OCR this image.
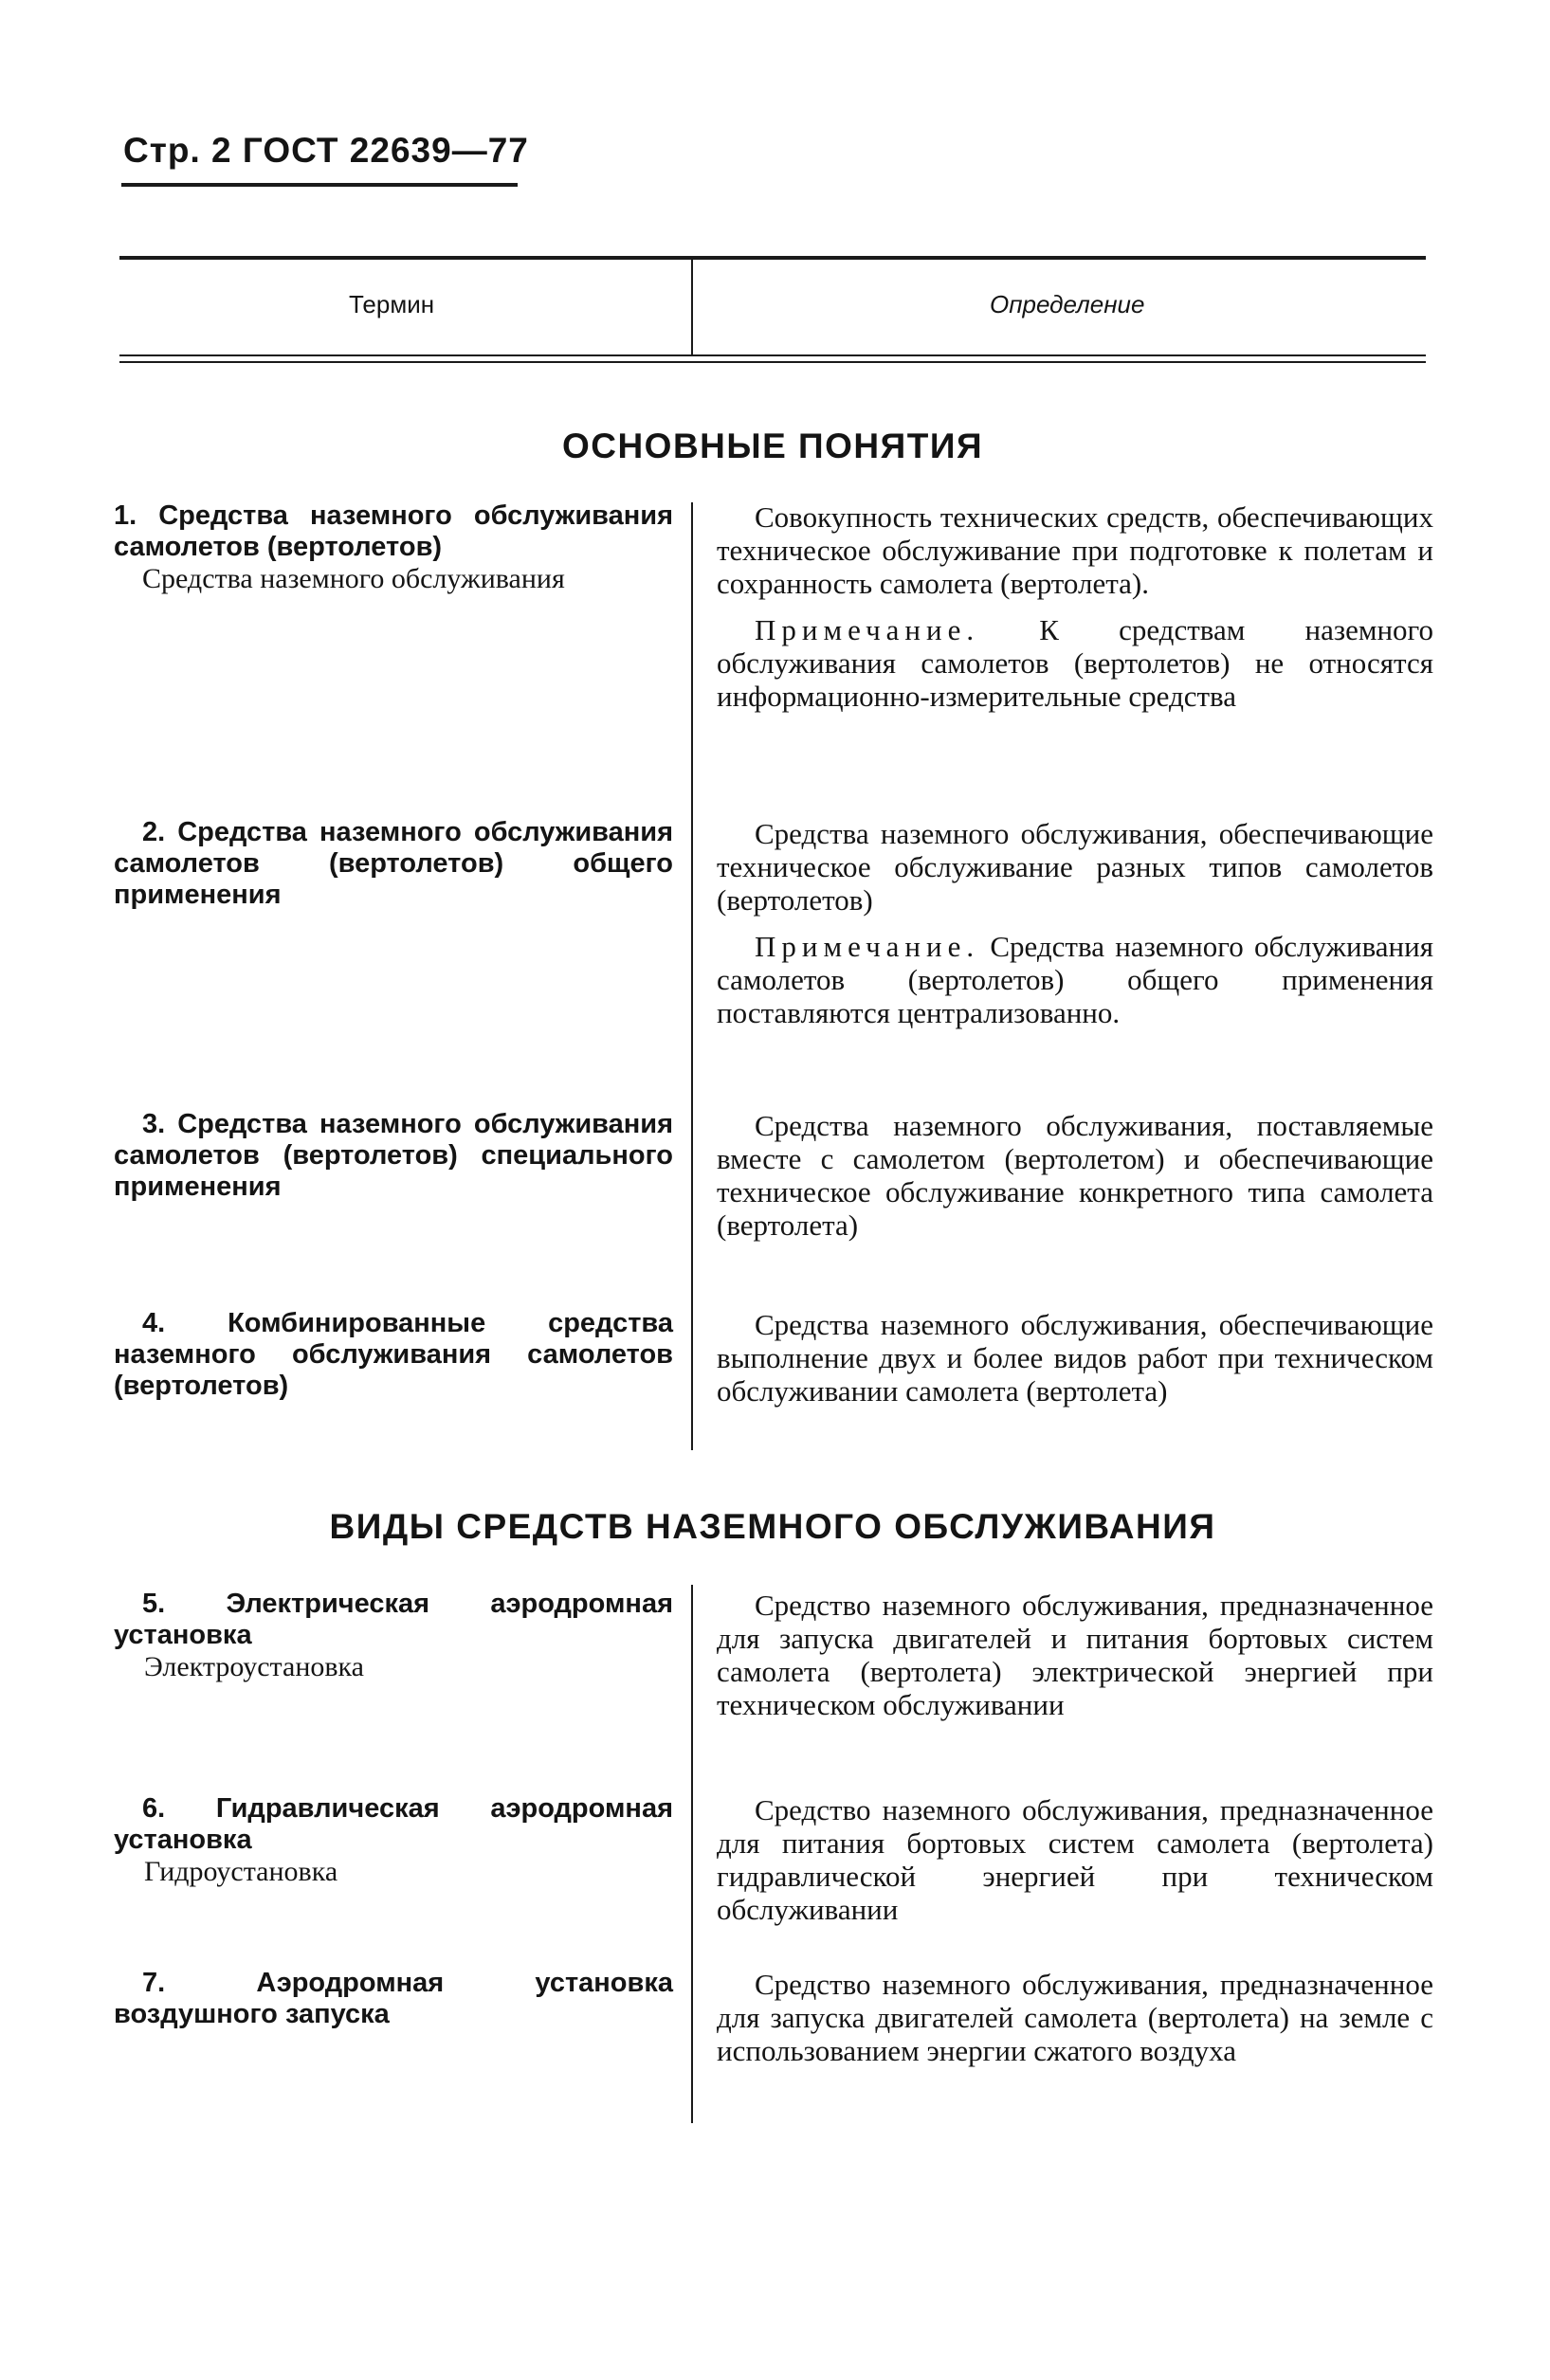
Стр. 2 ГОСТ 22639—77
Термин	Определение
ОСНОВНЫЕ ПОНЯТИЯ
1. Средства наземного обслуживания самолетов (вертолетов)
Средства наземного обслуживания

Совокупность технических средств, обеспечивающих техническое обслуживание при подготовке к полетам и сохранность самолета (вертолета).

Примечание. К средствам наземного обслуживания самолетов (вертолетов) не относятся информационно-измерительные средства

2. Средства наземного обслуживания самолетов (вертолетов) общего применения

Средства наземного обслуживания, обеспечивающие техническое обслуживание разных типов самолетов (вертолетов)

Примечание. Средства наземного обслуживания самолетов (вертолетов) общего применения поставляются централизованно.

3. Средства наземного обслуживания самолетов (вертолетов) специального применения

Средства наземного обслуживания, поставляемые вместе с самолетом (вертолетом) и обеспечивающие техническое обслуживание конкретного типа самолета (вертолета)

4. Комбинированные средства наземного обслуживания самолетов (вертолетов)

Средства наземного обслуживания, обеспечивающие выполнение двух и более видов работ при техническом обслуживании самолета (вертолета)

ВИДЫ СРЕДСТВ НАЗЕМНОГО ОБСЛУЖИВАНИЯ
5. Электрическая аэродромная установка
Электроустановка

Средство наземного обслуживания, предназначенное для запуска двигателей и питания бортовых систем самолета (вертолета) электрической энергией при техническом обслуживании

6. Гидравлическая аэродромная установка
Гидроустановка

Средство наземного обслуживания, предназначенное для питания бортовых систем самолета (вертолета) гидравлической энергией при техническом обслуживании

7. Аэродромная установка воздушного запуска

Средство наземного обслуживания, предназначенное для запуска двигателей самолета (вертолета) на земле с использованием энергии сжатого воздуха
